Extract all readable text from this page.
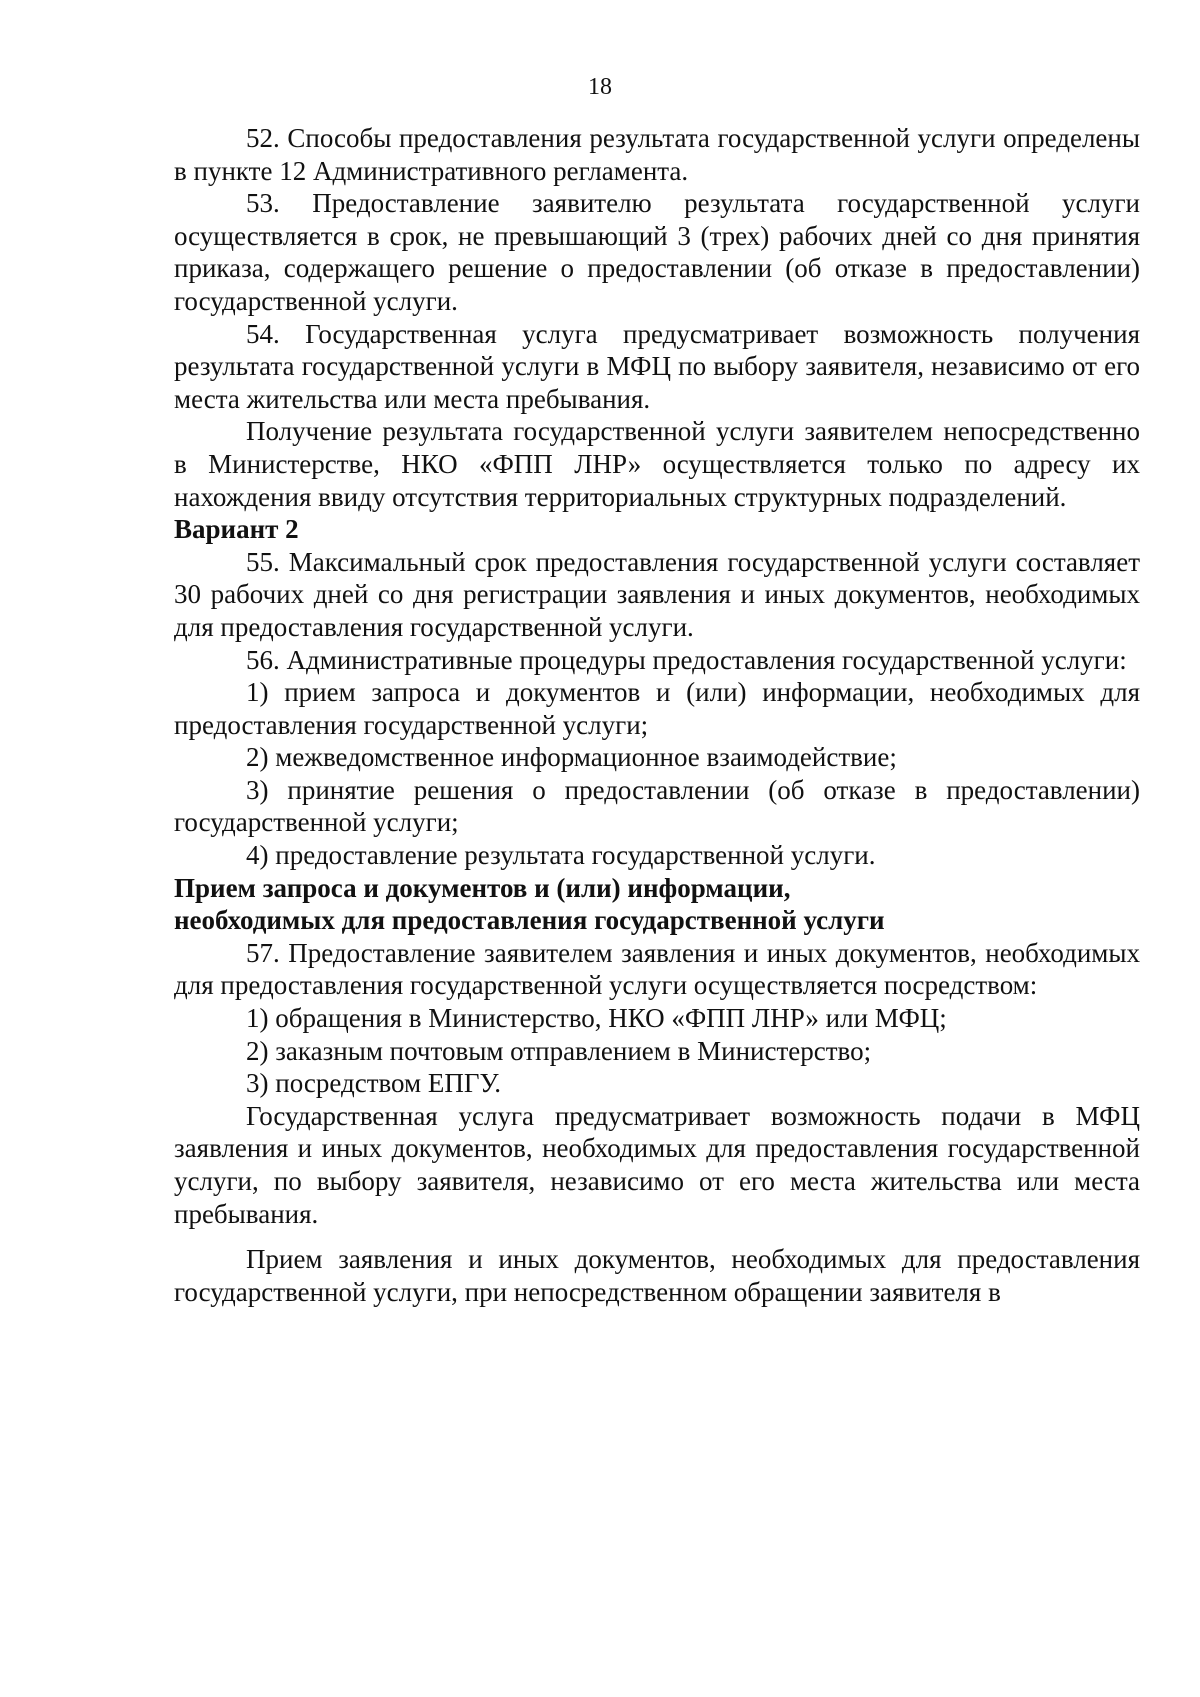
18

52. Способы предоставления результата государственной услуги определены в пункте 12 Административного регламента.

53. Предоставление заявителю результата государственной услуги осуществляется в срок, не превышающий 3 (трех) рабочих дней со дня принятия приказа, содержащего решение о предоставлении (об отказе в предоставлении) государственной услуги.

54. Государственная услуга предусматривает возможность получения результата государственной услуги в МФЦ по выбору заявителя, независимо от его места жительства или места пребывания.

Получение результата государственной услуги заявителем непосредственно в Министерстве, НКО «ФПП ЛНР» осуществляется только по адресу их нахождения ввиду отсутствия территориальных структурных подразделений.

Вариант 2

55. Максимальный срок предоставления государственной услуги составляет 30 рабочих дней со дня регистрации заявления и иных документов, необходимых для предоставления государственной услуги.

56. Административные процедуры предоставления государственной услуги:

1) прием запроса и документов и (или) информации, необходимых для предоставления государственной услуги;

2) межведомственное информационное взаимодействие;

3) принятие решения о предоставлении (об отказе в предоставлении) государственной услуги;

4) предоставление результата государственной услуги.

Прием запроса и документов и (или) информации,
необходимых для предоставления государственной услуги

57. Предоставление заявителем заявления и иных документов, необходимых для предоставления государственной услуги осуществляется посредством:

1) обращения в Министерство, НКО «ФПП ЛНР» или МФЦ;

2) заказным почтовым отправлением в Министерство;

3) посредством ЕПГУ.

Государственная услуга предусматривает возможность подачи в МФЦ заявления и иных документов, необходимых для предоставления государственной услуги, по выбору заявителя, независимо от его места жительства или места пребывания.

Прием заявления и иных документов, необходимых для предоставления государственной услуги, при непосредственном обращении заявителя в
